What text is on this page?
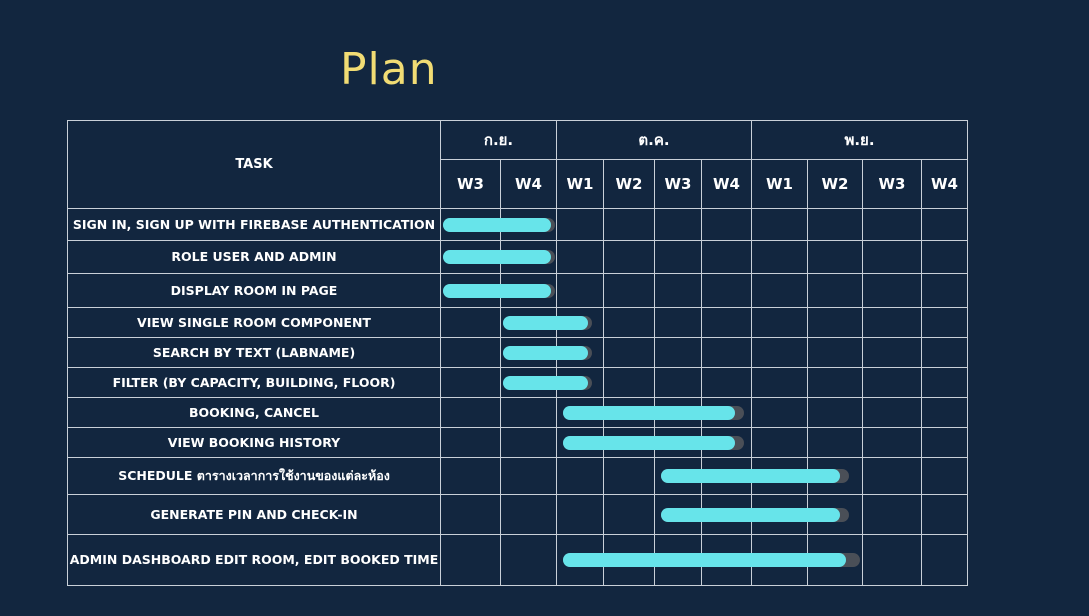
Plan
TASK	ก.ย.		ต.ค.				พ.ย.			
	W3	W4	W1	W2	W3	W4	W1	W2	W3	W4
SIGN IN, SIGN UP WITH FIREBASE AUTHENTICATION										
ROLE USER AND ADMIN										
DISPLAY ROOM IN PAGE										
VIEW SINGLE ROOM COMPONENT										
SEARCH BY TEXT (LABNAME)										
FILTER (BY CAPACITY, BUILDING, FLOOR)										
BOOKING, CANCEL										
VIEW BOOKING HISTORY										
SCHEDULE ตารางเวลาการใช้งานของแต่ละห้อง										
GENERATE PIN AND CHECK-IN										
ADMIN DASHBOARD EDIT ROOM, EDIT BOOKED TIME										
